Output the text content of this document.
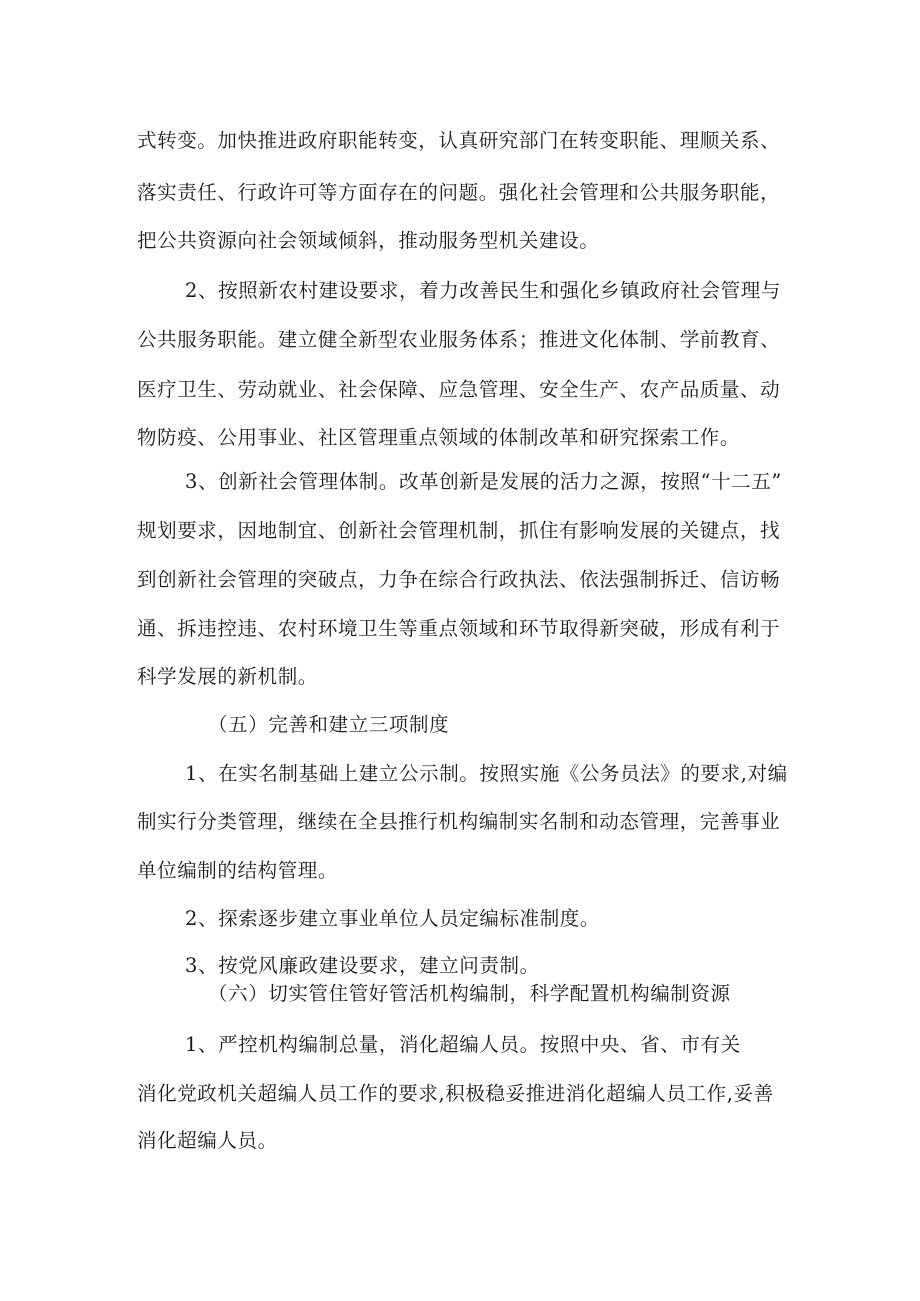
式转变。加快推进政府职能转变，认真研究部门在转变职能、理顺关系、
落实责任、行政许可等方面存在的问题。强化社会管理和公共服务职能，
把公共资源向社会领域倾斜，推动服务型机关建设。
2、按照新农村建设要求，着力改善民生和强化乡镇政府社会管理与
公共服务职能。建立健全新型农业服务体系；推进文化体制、学前教育、
医疗卫生、劳动就业、社会保障、应急管理、安全生产、农产品质量、动
物防疫、公用事业、社区管理重点领域的体制改革和研究探索工作。
3、创新社会管理体制。改革创新是发展的活力之源，按照“十二五”
规划要求，因地制宜、创新社会管理机制，抓住有影响发展的关键点，找
到创新社会管理的突破点，力争在综合行政执法、依法强制拆迁、信访畅
通、拆违控违、农村环境卫生等重点领域和环节取得新突破，形成有利于
科学发展的新机制。
（五）完善和建立三项制度
1、在实名制基础上建立公示制。按照实施《公务员法》的要求,对编
制实行分类管理，继续在全县推行机构编制实名制和动态管理，完善事业
单位编制的结构管理。
2、探索逐步建立事业单位人员定编标准制度。
3、按党风廉政建设要求，建立问责制。
（六）切实管住管好管活机构编制，科学配置机构编制资源
1、严控机构编制总量，消化超编人员。按照中央、省、市有关
消化党政机关超编人员工作的要求,积极稳妥推进消化超编人员工作,妥善
消化超编人员。
